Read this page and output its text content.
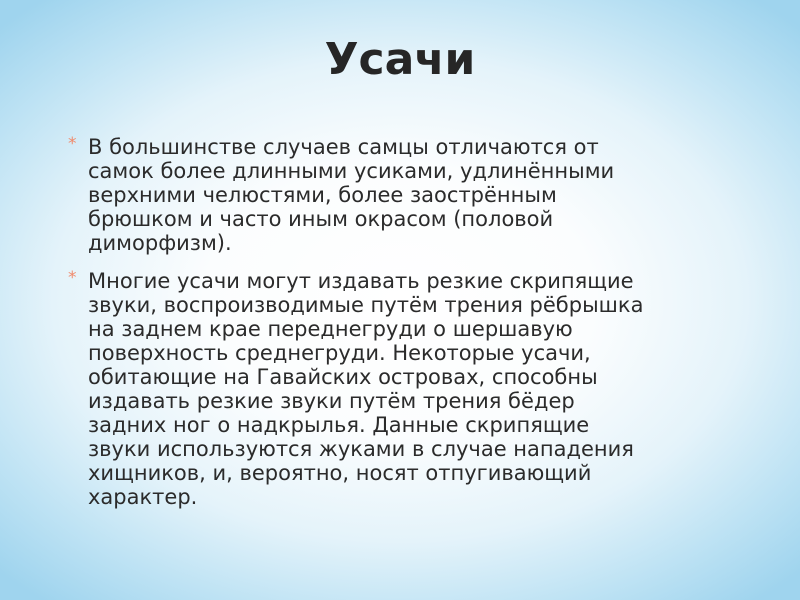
Усачи
* В большинстве случаев самцы отличаются от
самок более длинными усиками, удлинёнными
верхними челюстями, более заострённым
брюшком и часто иным окрасом (половой
диморфизм).
* Многие усачи могут издавать резкие скрипящие
звуки, воспроизводимые путём трения рёбрышка
на заднем крае переднегруди о шершавую
поверхность среднегруди. Некоторые усачи,
обитающие на Гавайских островах, способны
издавать резкие звуки путём трения бёдер
задних ног о надкрылья. Данные скрипящие
звуки используются жуками в случае нападения
хищников, и, вероятно, носят отпугивающий
характер.
